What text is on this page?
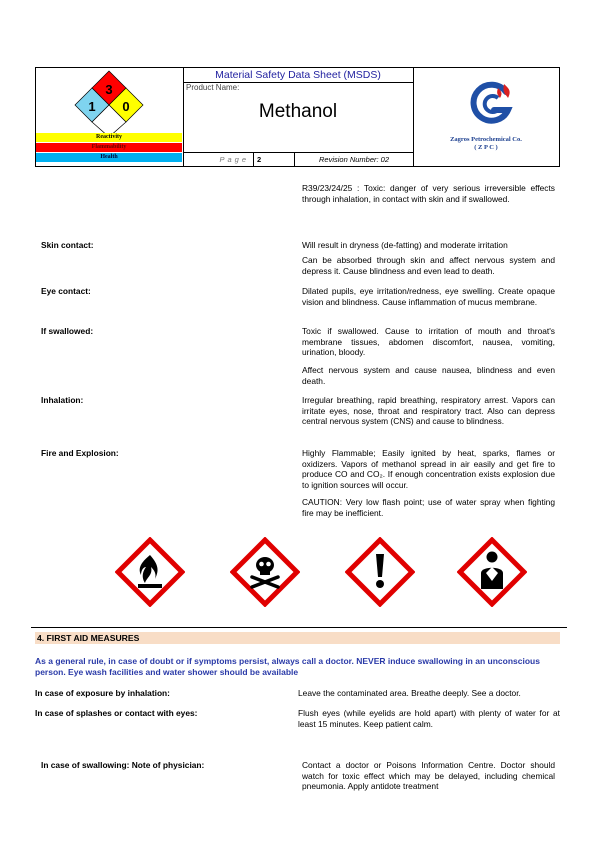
3
1 0
Reactivity
Flammability
Health
Material Safety Data Sheet (MSDS)
Product Name:
Methanol
Page	2	Revision Number: 02
Zagros Petrochemical Co.
( Z P C )
R39/23/24/25 : Toxic: danger of very serious irreversible effects through inhalation, in contact with skin and if swallowed.
Skin contact:	Will result in dryness (de-fatting) and moderate irritation
Can be absorbed through skin and affect nervous system and depress it. Cause blindness and even lead to death.
Eye contact:	Dilated pupils, eye irritation/redness, eye swelling. Create opaque vision and blindness. Cause inflammation of mucus membrane.
If swallowed:	Toxic if swallowed. Cause to irritation of mouth and throat's membrane tissues, abdomen discomfort, nausea, vomiting, urination, bloody.
Affect nervous system and cause nausea, blindness and even death.
Inhalation:	Irregular breathing, rapid breathing, respiratory arrest. Vapors can irritate eyes, nose, throat and respiratory tract. Also can depress central nervous system (CNS) and cause to blindness.
Fire and Explosion:	Highly Flammable; Easily ignited by heat, sparks, flames or oxidizers. Vapors of methanol spread in air easily and get fire to produce CO and CO₂. If enough concentration exists explosion due to ignition sources will occur.
CAUTION: Very low flash point; use of water spray when fighting fire may be inefficient.
4. FIRST AID MEASURES
As a general rule, in case of doubt or if symptoms persist, always call a doctor. NEVER induce swallowing in an unconscious person. Eye wash facilities and water shower should be available
In case of exposure by inhalation:	Leave the contaminated area. Breathe deeply. See a doctor.
In case of splashes or contact with eyes:	Flush eyes (while eyelids are hold apart) with plenty of water for at least 15 minutes. Keep patient calm.
In case of swallowing: Note of physician:	Contact a doctor or Poisons Information Centre. Doctor should watch for toxic effect which may be delayed, including chemical pneumonia. Apply antidote treatment
